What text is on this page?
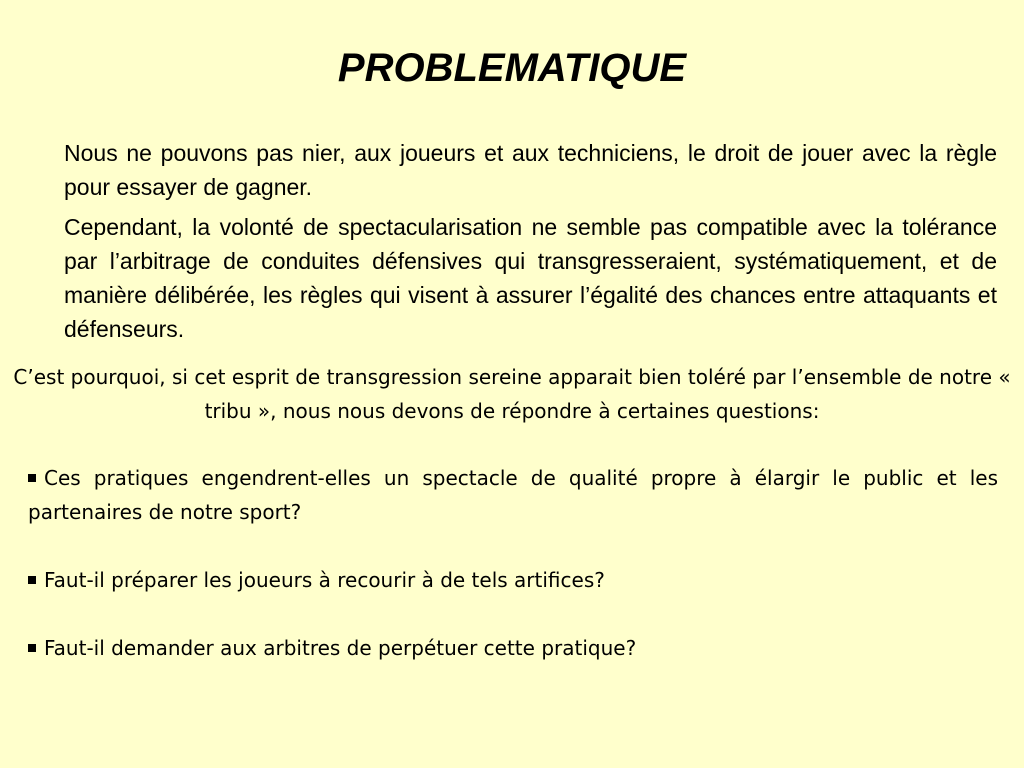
PROBLEMATIQUE

Nous ne pouvons pas nier, aux joueurs et aux techniciens, le droit de jouer avec la règle pour essayer de gagner.

Cependant, la volonté de spectacularisation ne semble pas compatible avec la tolérance par l’arbitrage de conduites défensives qui transgresseraient, systématiquement, et de manière délibérée, les règles qui visent à assurer l’égalité des chances entre attaquants et défenseurs.

C’est pourquoi, si cet esprit de transgression sereine apparait bien toléré par l’ensemble de notre « tribu », nous nous devons de répondre à certaines questions:

Ces pratiques engendrent-elles un spectacle de qualité propre à élargir le public et les partenaires de notre sport?

Faut-il préparer les joueurs à recourir à de tels artifices?

Faut-il demander aux arbitres de perpétuer cette pratique?
